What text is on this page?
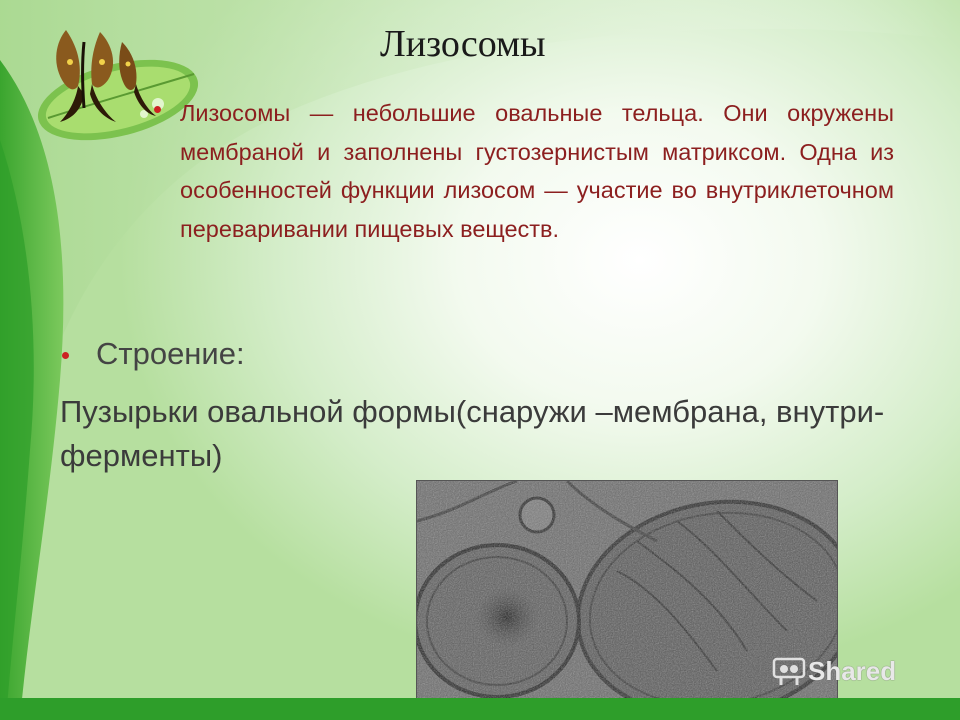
Лизосомы
Лизосомы — небольшие овальные тельца. Они окружены мембраной и заполнены густозернистым матриксом. Одна из особенностей функции лизосом — участие во внутриклеточном переваривании пищевых веществ.
Строение:
Пузырьки овальной формы(снаружи –мембрана, внутри-ферменты)
Shared
